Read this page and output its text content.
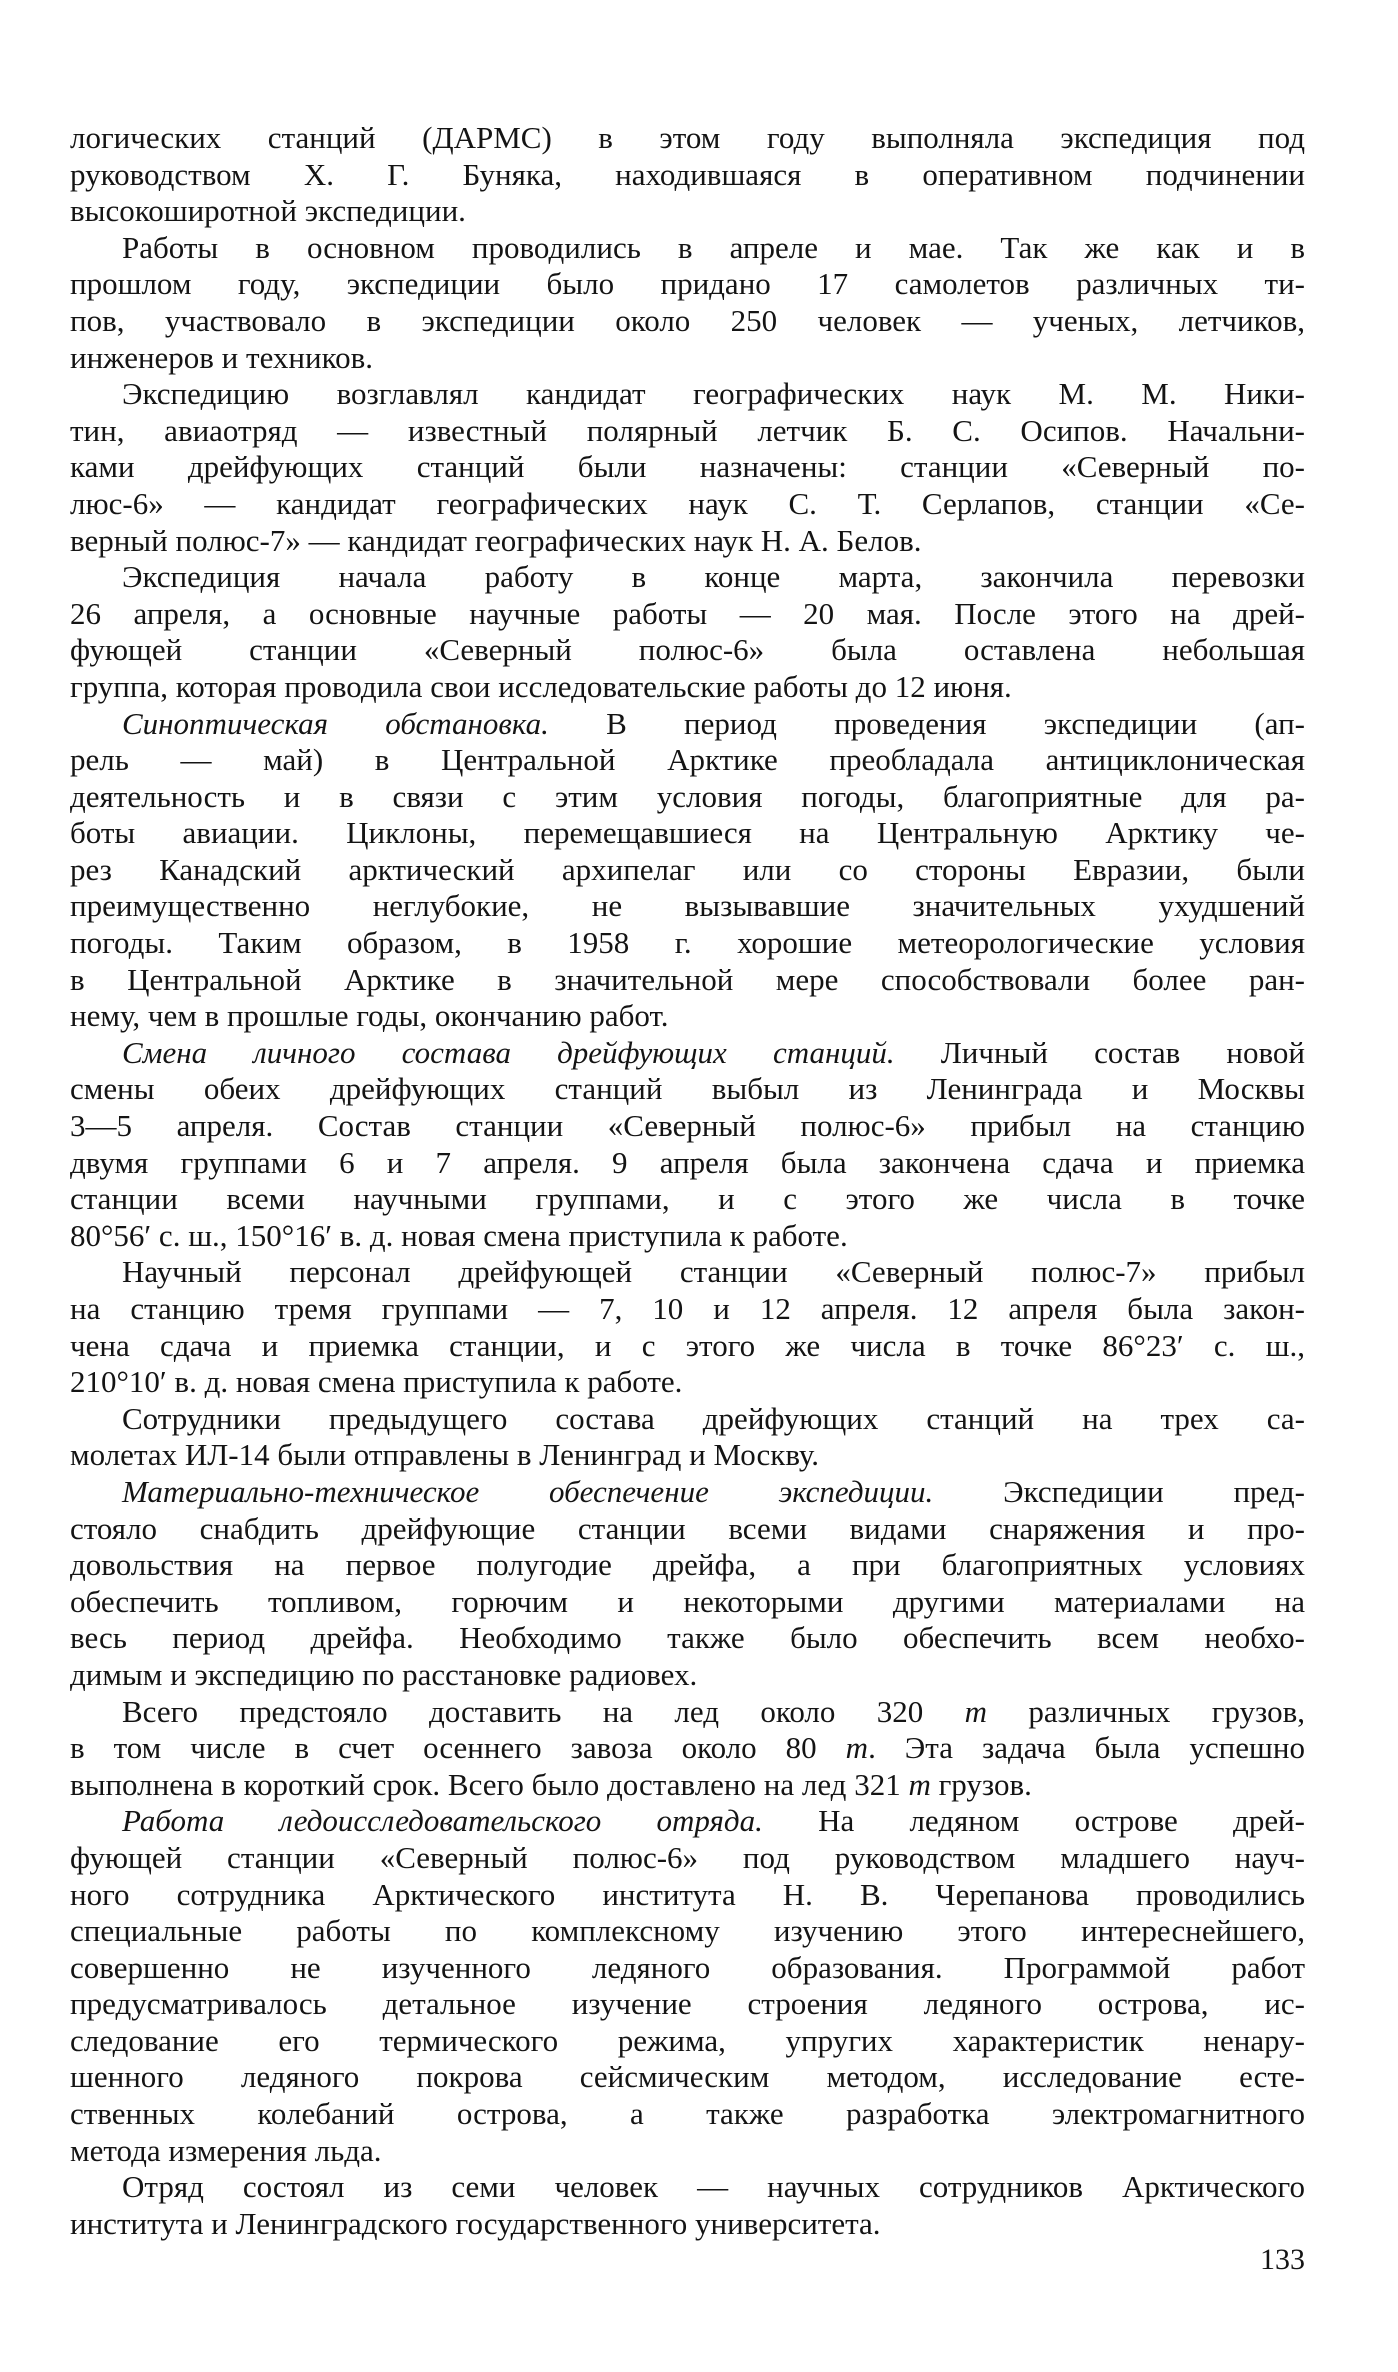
логических станций (ДАРМС) в этом году выполняла экспедиция под
руководством Х. Г. Буняка, находившаяся в оперативном подчинении
высокоширотной экспедиции.
Работы в основном проводились в апреле и мае. Так же как и в
прошлом году, экспедиции было придано 17 самолетов различных ти-
пов, участвовало в экспедиции около 250 человек — ученых, летчиков,
инженеров и техников.
Экспедицию возглавлял кандидат географических наук М. М. Ники-
тин, авиаотряд — известный полярный летчик Б. С. Осипов. Начальни-
ками дрейфующих станций были назначены: станции «Северный по-
люс-6» — кандидат географических наук С. Т. Серлапов, станции «Се-
верный полюс-7» — кандидат географических наук Н. А. Белов.
Экспедиция начала работу в конце марта, закончила перевозки
26 апреля, а основные научные работы — 20 мая. После этого на дрей-
фующей станции «Северный полюс-6» была оставлена небольшая
группа, которая проводила свои исследовательские работы до 12 июня.
Синоптическая обстановка. В период проведения экспедиции (ап-
рель — май) в Центральной Арктике преобладала антициклоническая
деятельность и в связи с этим условия погоды, благоприятные для ра-
боты авиации. Циклоны, перемещавшиеся на Центральную Арктику че-
рез Канадский арктический архипелаг или со стороны Евразии, были
преимущественно неглубокие, не вызывавшие значительных ухудшений
погоды. Таким образом, в 1958 г. хорошие метеорологические условия
в Центральной Арктике в значительной мере способствовали более ран-
нему, чем в прошлые годы, окончанию работ.
Смена личного состава дрейфующих станций. Личный состав новой
смены обеих дрейфующих станций выбыл из Ленинграда и Москвы
3—5 апреля. Состав станции «Северный полюс-6» прибыл на станцию
двумя группами 6 и 7 апреля. 9 апреля была закончена сдача и приемка
станции всеми научными группами, и с этого же числа в точке
80°56′ с. ш., 150°16′ в. д. новая смена приступила к работе.
Научный персонал дрейфующей станции «Северный полюс-7» прибыл
на станцию тремя группами — 7, 10 и 12 апреля. 12 апреля была закон-
чена сдача и приемка станции, и с этого же числа в точке 86°23′ с. ш.,
210°10′ в. д. новая смена приступила к работе.
Сотрудники предыдущего состава дрейфующих станций на трех са-
молетах ИЛ-14 были отправлены в Ленинград и Москву.
Материально-техническое обеспечение экспедиции. Экспедиции пред-
стояло снабдить дрейфующие станции всеми видами снаряжения и про-
довольствия на первое полугодие дрейфа, а при благоприятных условиях
обеспечить топливом, горючим и некоторыми другими материалами на
весь период дрейфа. Необходимо также было обеспечить всем необхо-
димым и экспедицию по расстановке радиовех.
Всего предстояло доставить на лед около 320 т различных грузов,
в том числе в счет осеннего завоза около 80 т. Эта задача была успешно
выполнена в короткий срок. Всего было доставлено на лед 321 т грузов.
Работа ледоисследовательского отряда. На ледяном острове дрей-
фующей станции «Северный полюс-6» под руководством младшего науч-
ного сотрудника Арктического института Н. В. Черепанова проводились
специальные работы по комплексному изучению этого интереснейшего,
совершенно не изученного ледяного образования. Программой работ
предусматривалось детальное изучение строения ледяного острова, ис-
следование его термического режима, упругих характеристик ненару-
шенного ледяного покрова сейсмическим методом, исследование есте-
ственных колебаний острова, а также разработка электромагнитного
метода измерения льда.
Отряд состоял из семи человек — научных сотрудников Арктического
института и Ленинградского государственного университета.
133
